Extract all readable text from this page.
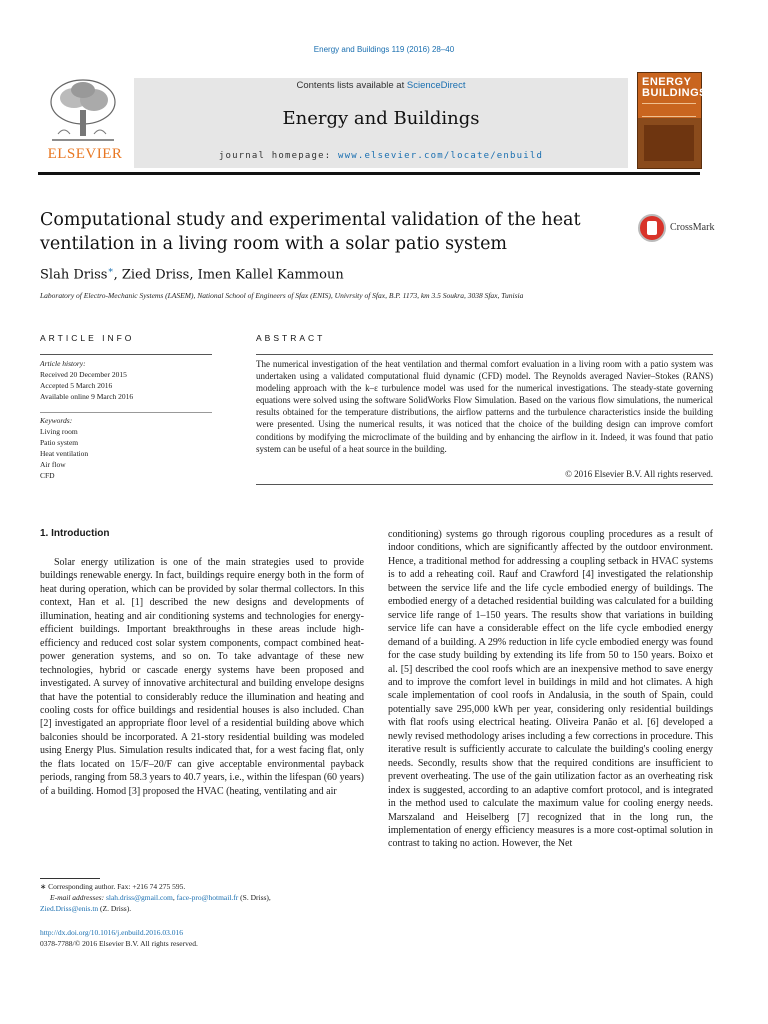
Energy and Buildings 119 (2016) 28–40
ELSEVIER
Contents lists available at ScienceDirect
Energy and Buildings
journal homepage: www.elsevier.com/locate/enbuild
ENERGY BUILDINGS
Computational study and experimental validation of the heat
ventilation in a living room with a solar patio system
CrossMark
Slah Driss∗, Zied Driss, Imen Kallel Kammoun
Laboratory of Electro-Mechanic Systems (LASEM), National School of Engineers of Sfax (ENIS), Univrsity of Sfax, B.P. 1173, km 3.5 Soukra, 3038 Sfax, Tunisia
ARTICLE INFO	ABSTRACT
Article history:
Received 20 December 2015
Accepted 5 March 2016
Available online 9 March 2016
Keywords:
Living room
Patio system
Heat ventilation
Air flow
CFD
The numerical investigation of the heat ventilation and thermal comfort evaluation in a living room with a patio system was undertaken using a validated computational fluid dynamic (CFD) model. The Reynolds averaged Navier–Stokes (RANS) modeling approach with the k–ε turbulence model was used for the numerical investigations. The steady-state governing equations were solved using the software SolidWorks Flow Simulation. Based on the various flow simulations, the numerical results obtained for the temperature distributions, the airflow patterns and the turbulence characteristics inside the building were presented. Using the numerical results, it was noticed that the choice of the building design can improve comfort conditions by modifying the microclimate of the building and by enhancing the airflow in it. Indeed, it was found that patio system can be useful of a heat source in the building.
© 2016 Elsevier B.V. All rights reserved.
1. Introduction
Solar energy utilization is one of the main strategies used to provide buildings renewable energy. In fact, buildings require energy both in the form of heat during operation, which can be provided by solar thermal collectors. In this context, Han et al. [1] described the new designs and developments of illumination, heating and air conditioning systems and technologies for energy-efficient buildings. Important breakthroughs in these areas include high-efficiency and reduced cost solar system components, compact combined heat-power generation systems, and so on. To take advantage of these new technologies, hybrid or cascade energy systems have been proposed and investigated. A survey of innovative architectural and building envelope designs that have the potential to considerably reduce the illumination and heating and cooling costs for office buildings and residential houses is also included. Chan [2] investigated an appropriate floor level of a residential building above which balconies should be incorporated. A 21-story residential building was modeled using Energy Plus. Simulation results indicated that, for a west facing flat, only the flats located on 15/F–20/F can give acceptable environmental payback periods, ranging from 58.3 years to 40.7 years, i.e., within the lifespan (60 years) of a building. Homod [3] proposed the HVAC (heating, ventilating and air
conditioning) systems go through rigorous coupling procedures as a result of indoor conditions, which are significantly affected by the outdoor environment. Hence, a traditional method for addressing a coupling setback in HVAC systems is to add a reheating coil. Rauf and Crawford [4] investigated the relationship between the service life and the life cycle embodied energy of buildings. The embodied energy of a detached residential building was calculated for a building service life range of 1–150 years. The results show that variations in building service life can have a considerable effect on the life cycle embodied energy demand of a building. A 29% reduction in life cycle embodied energy was found for the case study building by extending its life from 50 to 150 years. Boixo et al. [5] described the cool roofs which are an inexpensive method to save energy and to improve the comfort level in buildings in mild and hot climates. A high scale implementation of cool roofs in Andalusia, in the south of Spain, could potentially save 295,000 kWh per year, considering only residential buildings with flat roofs using electrical heating. Oliveira Panão et al. [6] developed a newly revised methodology arises including a few corrections in procedure. This iterative result is sufficiently accurate to calculate the building's cooling energy needs. Secondly, results show that the required conditions are insufficient to prevent overheating. The use of the gain utilization factor as an overheating risk index is suggested, according to an adaptive comfort protocol, and is integrated in the method used to calculate the maximum value for cooling energy needs. Marszaland and Heiselberg [7] recognized that in the long run, the implementation of energy efficiency measures is a more cost-optimal solution in contrast to taking no action. However, the Net
∗ Corresponding author. Fax: +216 74 275 595.
E-mail addresses: slah.driss@gmail.com, face-pro@hotmail.fr (S. Driss),
Zied.Driss@enis.tn (Z. Driss).
http://dx.doi.org/10.1016/j.enbuild.2016.03.016
0378-7788/© 2016 Elsevier B.V. All rights reserved.
